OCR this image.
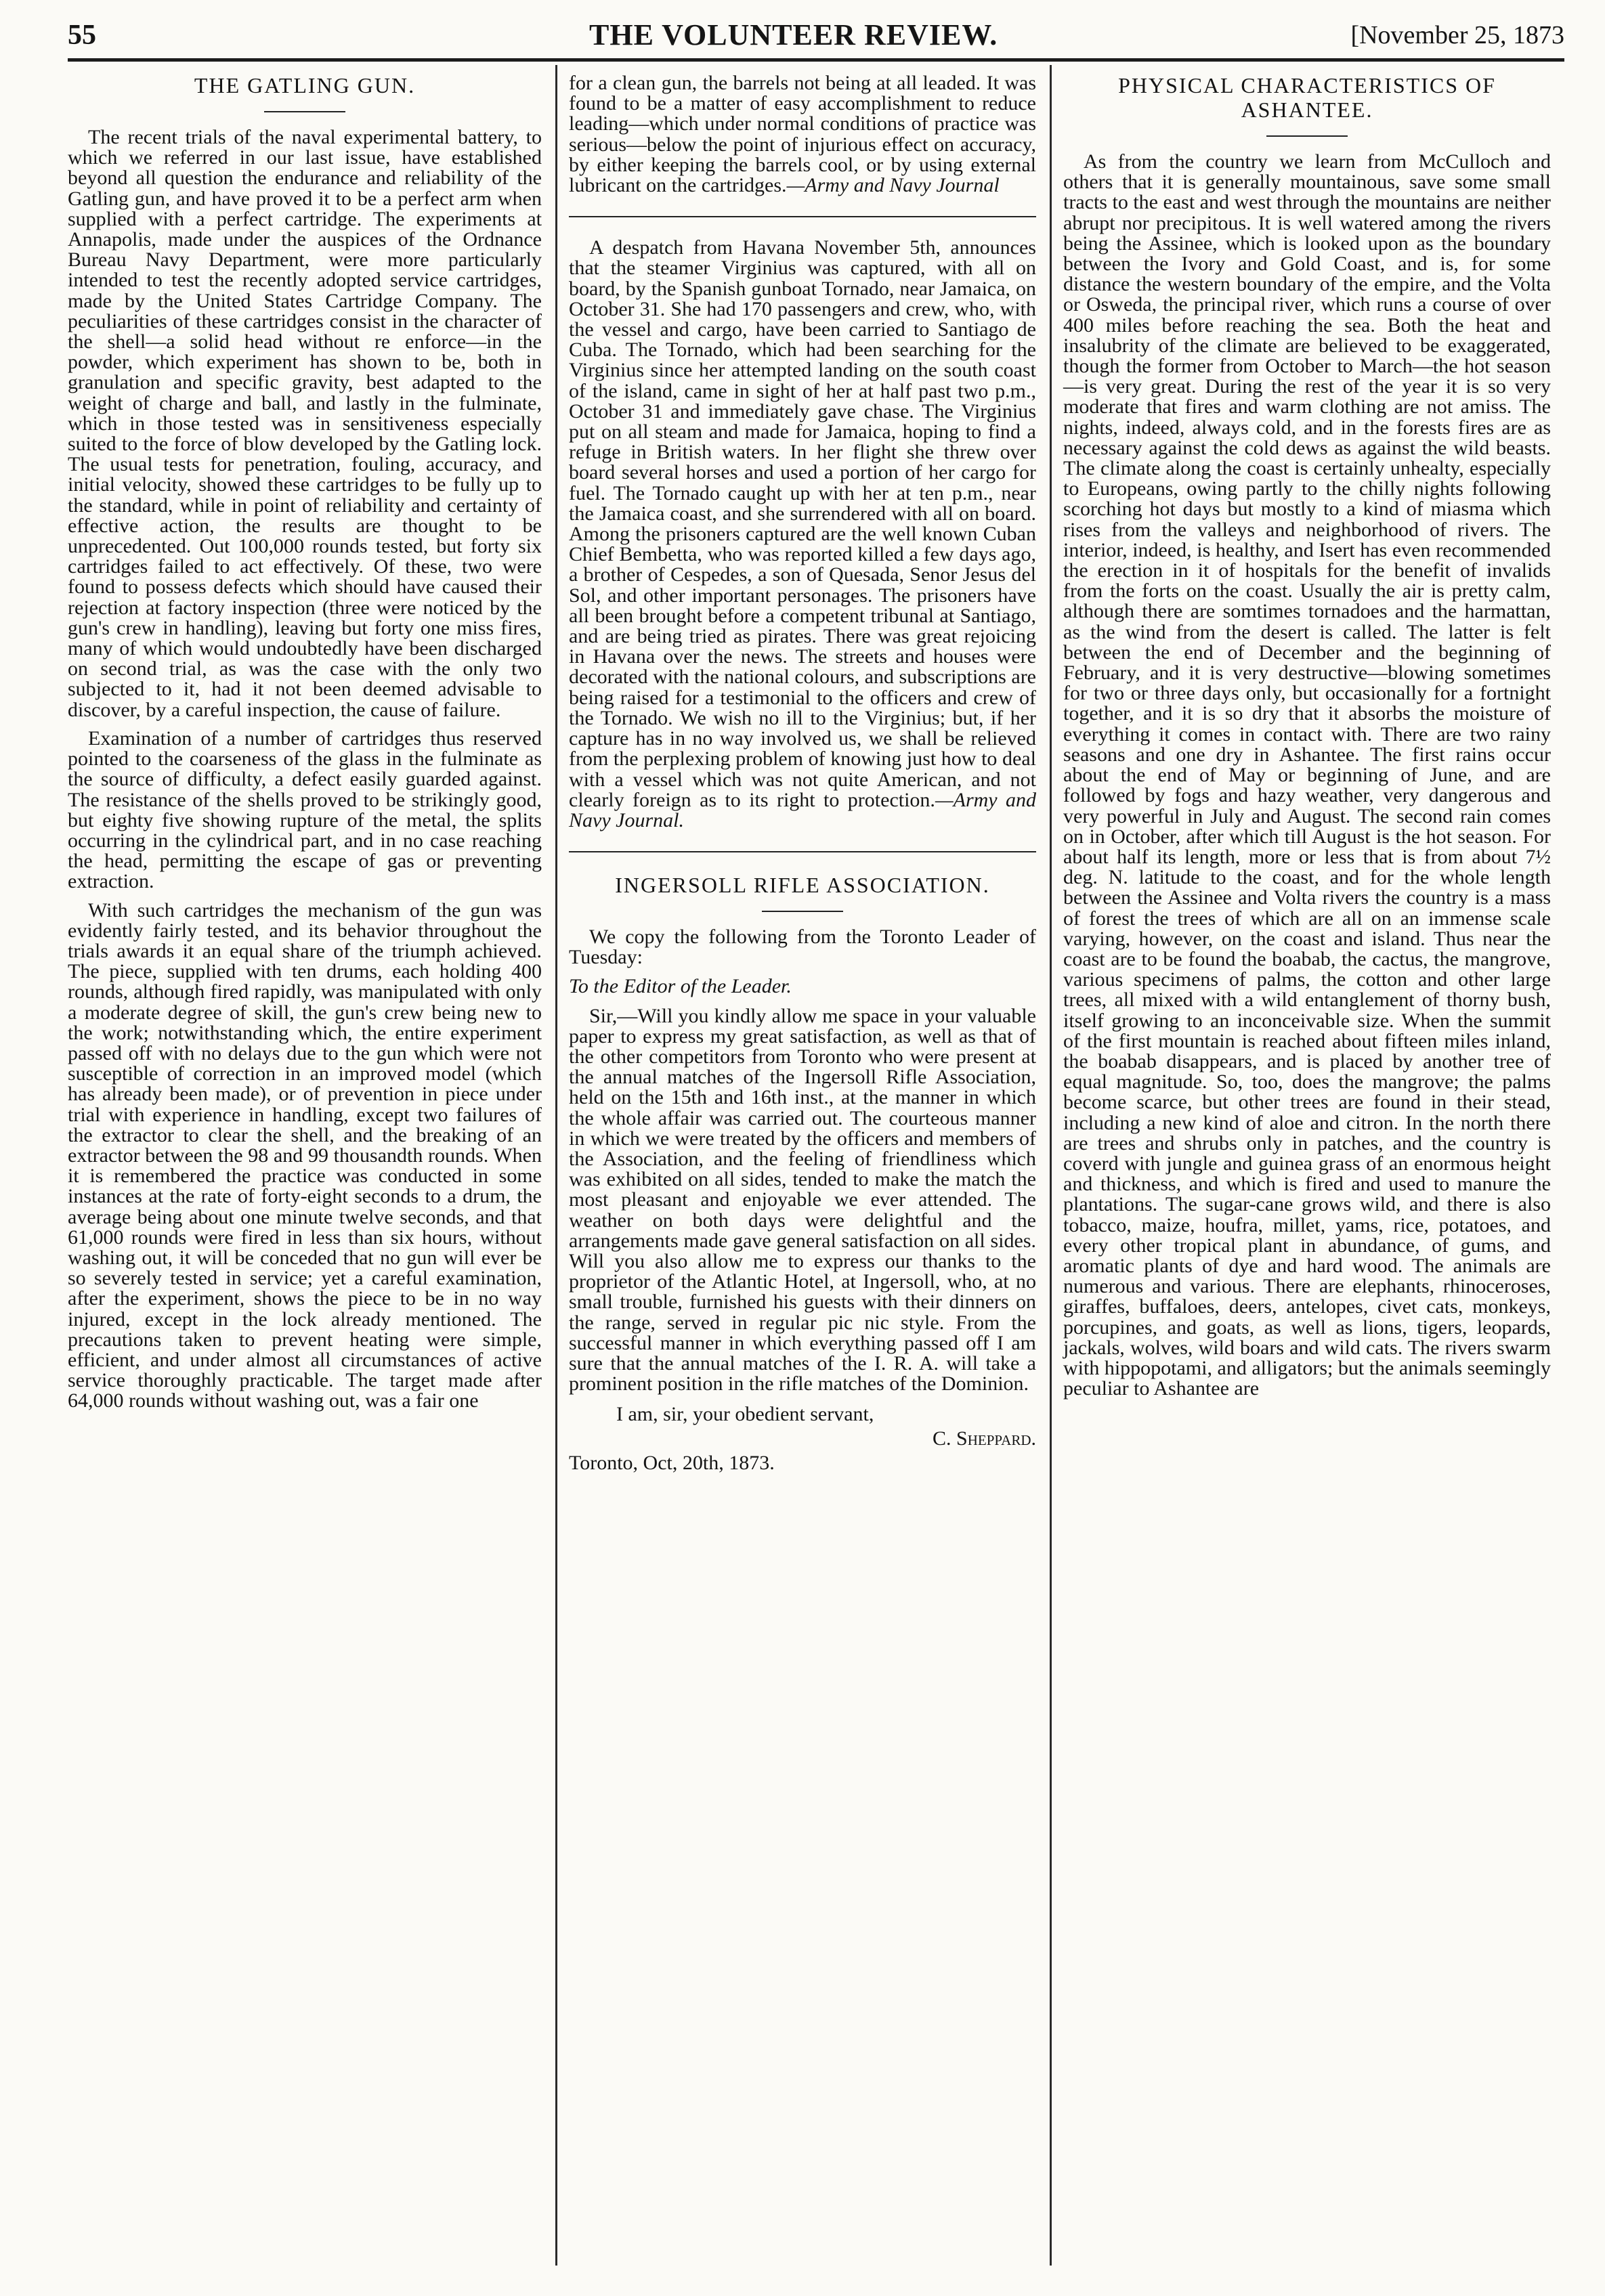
55	THE VOLUNTEER REVIEW.	[November 25, 1873
THE GATLING GUN.

The recent trials of the naval experimental battery, to which we referred in our last issue, have established beyond all question the endurance and reliability of the Gatling gun, and have proved it to be a perfect arm when supplied with a perfect cartridge. The experiments at Annapolis, made under the auspices of the Ordnance Bureau Navy Department, were more particularly intended to test the recently adopted service cartridges, made by the United States Cartridge Company. The peculiarities of these cartridges consist in the character of the shell—a solid head without re enforce—in the powder, which experiment has shown to be, both in granulation and specific gravity, best adapted to the weight of charge and ball, and lastly in the fulminate, which in those tested was in sensitiveness especially suited to the force of blow developed by the Gatling lock. The usual tests for penetration, fouling, accuracy, and initial velocity, showed these cartridges to be fully up to the standard, while in point of reliability and certainty of effective action, the results are thought to be unprecedented. Out 100,000 rounds tested, but forty six cartridges failed to act effectively. Of these, two were found to possess defects which should have caused their rejection at factory inspection (three were noticed by the gun's crew in handling), leaving but forty one miss fires, many of which would undoubtedly have been discharged on second trial, as was the case with the only two subjected to it, had it not been deemed advisable to discover, by a careful inspection, the cause of failure.

Examination of a number of cartridges thus reserved pointed to the coarseness of the glass in the fulminate as the source of difficulty, a defect easily guarded against. The resistance of the shells proved to be strikingly good, but eighty five showing rupture of the metal, the splits occurring in the cylindrical part, and in no case reaching the head, permitting the escape of gas or preventing extraction.

With such cartridges the mechanism of the gun was evidently fairly tested, and its behavior throughout the trials awards it an equal share of the triumph achieved. The piece, supplied with ten drums, each holding 400 rounds, although fired rapidly, was manipulated with only a moderate degree of skill, the gun's crew being new to the work; notwithstanding which, the entire experiment passed off with no delays due to the gun which were not susceptible of correction in an improved model (which has already been made), or of prevention in piece under trial with experience in handling, except two failures of the extractor to clear the shell, and the breaking of an extractor between the 98 and 99 thousandth rounds. When it is remembered the practice was conducted in some instances at the rate of forty-eight seconds to a drum, the average being about one minute twelve seconds, and that 61,000 rounds were fired in less than six hours, without washing out, it will be conceded that no gun will ever be so severely tested in service; yet a careful examination, after the experiment, shows the piece to be in no way injured, except in the lock already mentioned. The precautions taken to prevent heating were simple, efficient, and under almost all circumstances of active service thoroughly practicable. The target made after 64,000 rounds without washing out, was a fair one

for a clean gun, the barrels not being at all leaded. It was found to be a matter of easy accomplishment to reduce leading—which under normal conditions of practice was serious—below the point of injurious effect on accuracy, by either keeping the barrels cool, or by using external lubricant on the cartridges.—Army and Navy Journal

A despatch from Havana November 5th, announces that the steamer Virginius was captured, with all on board, by the Spanish gunboat Tornado, near Jamaica, on October 31. She had 170 passengers and crew, who, with the vessel and cargo, have been carried to Santiago de Cuba. The Tornado, which had been searching for the Virginius since her attempted landing on the south coast of the island, came in sight of her at half past two p.m., October 31 and immediately gave chase. The Virginius put on all steam and made for Jamaica, hoping to find a refuge in British waters. In her flight she threw over board several horses and used a portion of her cargo for fuel. The Tornado caught up with her at ten p.m., near the Jamaica coast, and she surrendered with all on board. Among the prisoners captured are the well known Cuban Chief Bembetta, who was reported killed a few days ago, a brother of Cespedes, a son of Quesada, Senor Jesus del Sol, and other important personages. The prisoners have all been brought before a competent tribunal at Santiago, and are being tried as pirates. There was great rejoicing in Havana over the news. The streets and houses were decorated with the national colours, and subscriptions are being raised for a testimonial to the officers and crew of the Tornado. We wish no ill to the Virginius; but, if her capture has in no way involved us, we shall be relieved from the perplexing problem of knowing just how to deal with a vessel which was not quite American, and not clearly foreign as to its right to protection.—Army and Navy Journal.

INGERSOLL RIFLE ASSOCIATION.

We copy the following from the Toronto Leader of Tuesday:

To the Editor of the Leader.

Sir,—Will you kindly allow me space in your valuable paper to express my great satisfaction, as well as that of the other competitors from Toronto who were present at the annual matches of the Ingersoll Rifle Association, held on the 15th and 16th inst., at the manner in which the whole affair was carried out. The courteous manner in which we were treated by the officers and members of the Association, and the feeling of friendliness which was exhibited on all sides, tended to make the match the most pleasant and enjoyable we ever attended. The weather on both days were delightful and the arrangements made gave general satisfaction on all sides. Will you also allow me to express our thanks to the proprietor of the Atlantic Hotel, at Ingersoll, who, at no small trouble, furnished his guests with their dinners on the range, served in regular pic nic style. From the successful manner in which everything passed off I am sure that the annual matches of the I. R. A. will take a prominent position in the rifle matches of the Dominion.

I am, sir, your obedient servant,
C. Sheppard.
Toronto, Oct, 20th, 1873.
PHYSICAL CHARACTERISTICS OF ASHANTEE.

As from the country we learn from McCulloch and others that it is generally mountainous, save some small tracts to the east and west through the mountains are neither abrupt nor precipitous. It is well watered among the rivers being the Assinee, which is looked upon as the boundary between the Ivory and Gold Coast, and is, for some distance the western boundary of the empire, and the Volta or Osweda, the principal river, which runs a course of over 400 miles before reaching the sea. Both the heat and insalubrity of the climate are believed to be exaggerated, though the former from October to March—the hot season—is very great. During the rest of the year it is so very moderate that fires and warm clothing are not amiss. The nights, indeed, always cold, and in the forests fires are as necessary against the cold dews as against the wild beasts. The climate along the coast is certainly unhealty, especially to Europeans, owing partly to the chilly nights following scorching hot days but mostly to a kind of miasma which rises from the valleys and neighborhood of rivers. The interior, indeed, is healthy, and Isert has even recommended the erection in it of hospitals for the benefit of invalids from the forts on the coast. Usually the air is pretty calm, although there are somtimes tornadoes and the harmattan, as the wind from the desert is called. The latter is felt between the end of December and the beginning of February, and it is very destructive—blowing sometimes for two or three days only, but occasionally for a fortnight together, and it is so dry that it absorbs the moisture of everything it comes in contact with. There are two rainy seasons and one dry in Ashantee. The first rains occur about the end of May or beginning of June, and are followed by fogs and hazy weather, very dangerous and very powerful in July and August. The second rain comes on in October, after which till August is the hot season. For about half its length, more or less that is from about 7½ deg. N. latitude to the coast, and for the whole length between the Assinee and Volta rivers the country is a mass of forest the trees of which are all on an immense scale varying, however, on the coast and island. Thus near the coast are to be found the boabab, the cactus, the mangrove, various specimens of palms, the cotton and other large trees, all mixed with a wild entanglement of thorny bush, itself growing to an inconceivable size. When the summit of the first mountain is reached about fifteen miles inland, the boabab disappears, and is placed by another tree of equal magnitude. So, too, does the mangrove; the palms become scarce, but other trees are found in their stead, including a new kind of aloe and citron. In the north there are trees and shrubs only in patches, and the country is coverd with jungle and guinea grass of an enormous height and thickness, and which is fired and used to manure the plantations. The sugar-cane grows wild, and there is also tobacco, maize, houfra, millet, yams, rice, potatoes, and every other tropical plant in abundance, of gums, and aromatic plants of dye and hard wood. The animals are numerous and various. There are elephants, rhinoceroses, giraffes, buffaloes, deers, antelopes, civet cats, monkeys, porcupines, and goats, as well as lions, tigers, leopards, jackals, wolves, wild boars and wild cats. The rivers swarm with hippopotami, and alligators; but the animals seemingly peculiar to Ashantee are
